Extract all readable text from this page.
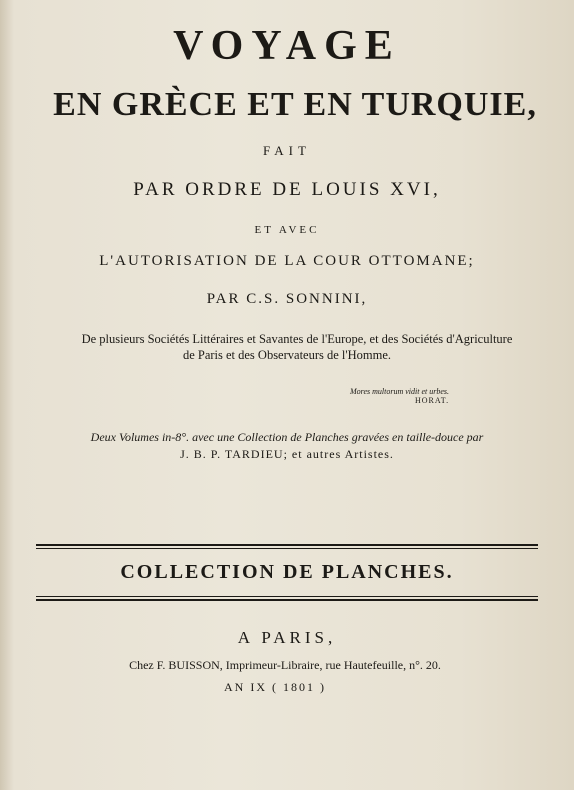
VOYAGE
EN GRÈCE ET EN TURQUIE,
FAIT
PAR ORDRE DE LOUIS XVI,
ET AVEC
L'AUTORISATION DE LA COUR OTTOMANE;
PAR C.S. SONNINI,
De plusieurs Sociétés Littéraires et Savantes de l'Europe, et des Sociétés d'Agriculture
de Paris et des Observateurs de l'Homme.
Mores multorum vidit et urbes.
HORAT.
Deux Volumes in-8°. avec une Collection de Planches gravées en taille-douce par
J. B. P. TARDIEU; et autres Artistes.
COLLECTION DE PLANCHES.
A PARIS,
Chez F. BUISSON, Imprimeur-Libraire, rue Hautefeuille, n°. 20.
AN IX ( 1801 )
